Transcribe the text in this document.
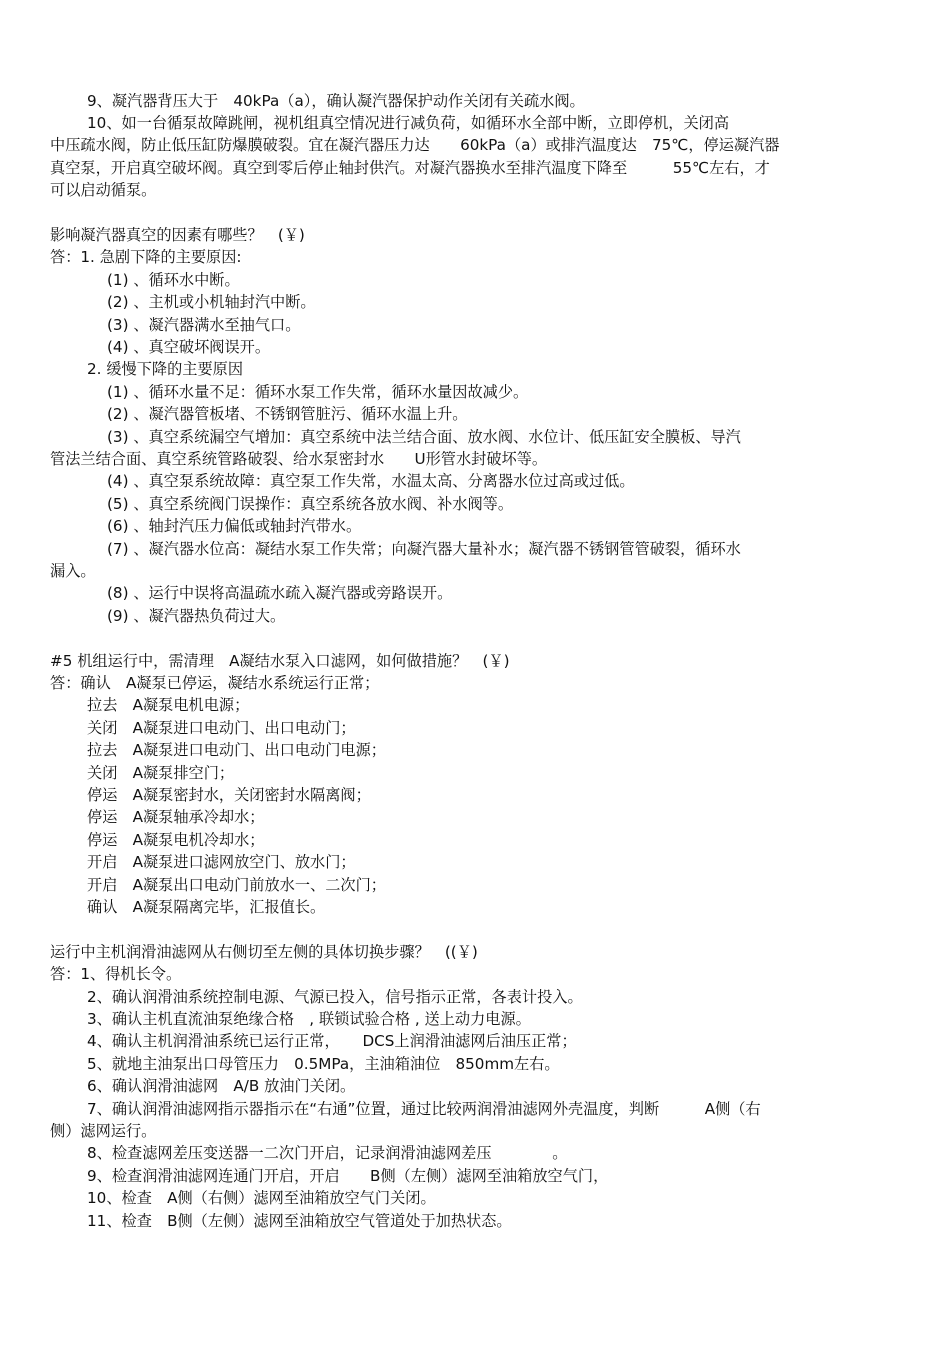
9、凝汽器背压大于　40kPa（a），确认凝汽器保护动作关闭有关疏水阀。
10、如一台循泵故障跳闸，视机组真空情况进行减负荷，如循环水全部中断，立即停机，关闭高
中压疏水阀，防止低压缸防爆膜破裂。宜在凝汽器压力达　　60kPa（a）或排汽温度达　75℃，停运凝汽器
真空泵，开启真空破坏阀。真空到零后停止轴封供汽。对凝汽器换水至排汽温度下降至　　　55℃左右，才
可以启动循泵。
影响凝汽器真空的因素有哪些？　(￥)
答：1. 急剧下降的主要原因:
(1) 、循环水中断。
(2) 、主机或小机轴封汽中断。
(3) 、凝汽器满水至抽气口。
(4) 、真空破坏阀误开。
2. 缓慢下降的主要原因
(1) 、循环水量不足：循环水泵工作失常，循环水量因故减少。
(2) 、凝汽器管板堵、不锈钢管脏污、循环水温上升。
(3) 、真空系统漏空气增加：真空系统中法兰结合面、放水阀、水位计、低压缸安全膜板、导汽
管法兰结合面、真空系统管路破裂、给水泵密封水　　U形管水封破坏等。
(4) 、真空泵系统故障：真空泵工作失常，水温太高、分离器水位过高或过低。
(5) 、真空系统阀门误操作：真空系统各放水阀、补水阀等。
(6) 、轴封汽压力偏低或轴封汽带水。
(7) 、凝汽器水位高：凝结水泵工作失常；向凝汽器大量补水；凝汽器不锈钢管管破裂，循环水
漏入。
(8) 、运行中误将高温疏水疏入凝汽器或旁路误开。
(9) 、凝汽器热负荷过大。
#5 机组运行中，需清理　A凝结水泵入口滤网，如何做措施？　(￥)
答：确认　A凝泵已停运，凝结水系统运行正常；
拉去　A凝泵电机电源；
关闭　A凝泵进口电动门、出口电动门；
拉去　A凝泵进口电动门、出口电动门电源；
关闭　A凝泵排空门；
停运　A凝泵密封水，关闭密封水隔离阀；
停运　A凝泵轴承冷却水；
停运　A凝泵电机冷却水；
开启　A凝泵进口滤网放空门、放水门；
开启　A凝泵出口电动门前放水一、二次门；
确认　A凝泵隔离完毕，汇报值长。
运行中主机润滑油滤网从右侧切至左侧的具体切换步骤？　((￥)
答：1、得机长令。
2、确认润滑油系统控制电源、气源已投入，信号指示正常，各表计投入。
3、确认主机直流油泵绝缘合格　, 联锁试验合格 , 送上动力电源。
4、确认主机润滑油系统已运行正常，　　DCS上润滑油滤网后油压正常；
5、就地主油泵出口母管压力　0.5MPa，主油箱油位　850mm左右。
6、确认润滑油滤网　A/B 放油门关闭。
7、确认润滑油滤网指示器指示在“右通”位置，通过比较两润滑油滤网外壳温度，判断　　　A侧（右
侧）滤网运行。
8、检查滤网差压变送器一二次门开启，记录润滑油滤网差压　　　　。
9、检查润滑油滤网连通门开启，开启　　B侧（左侧）滤网至油箱放空气门，
10、检查　A侧（右侧）滤网至油箱放空气门关闭。
11、检查　B侧（左侧）滤网至油箱放空气管道处于加热状态。
